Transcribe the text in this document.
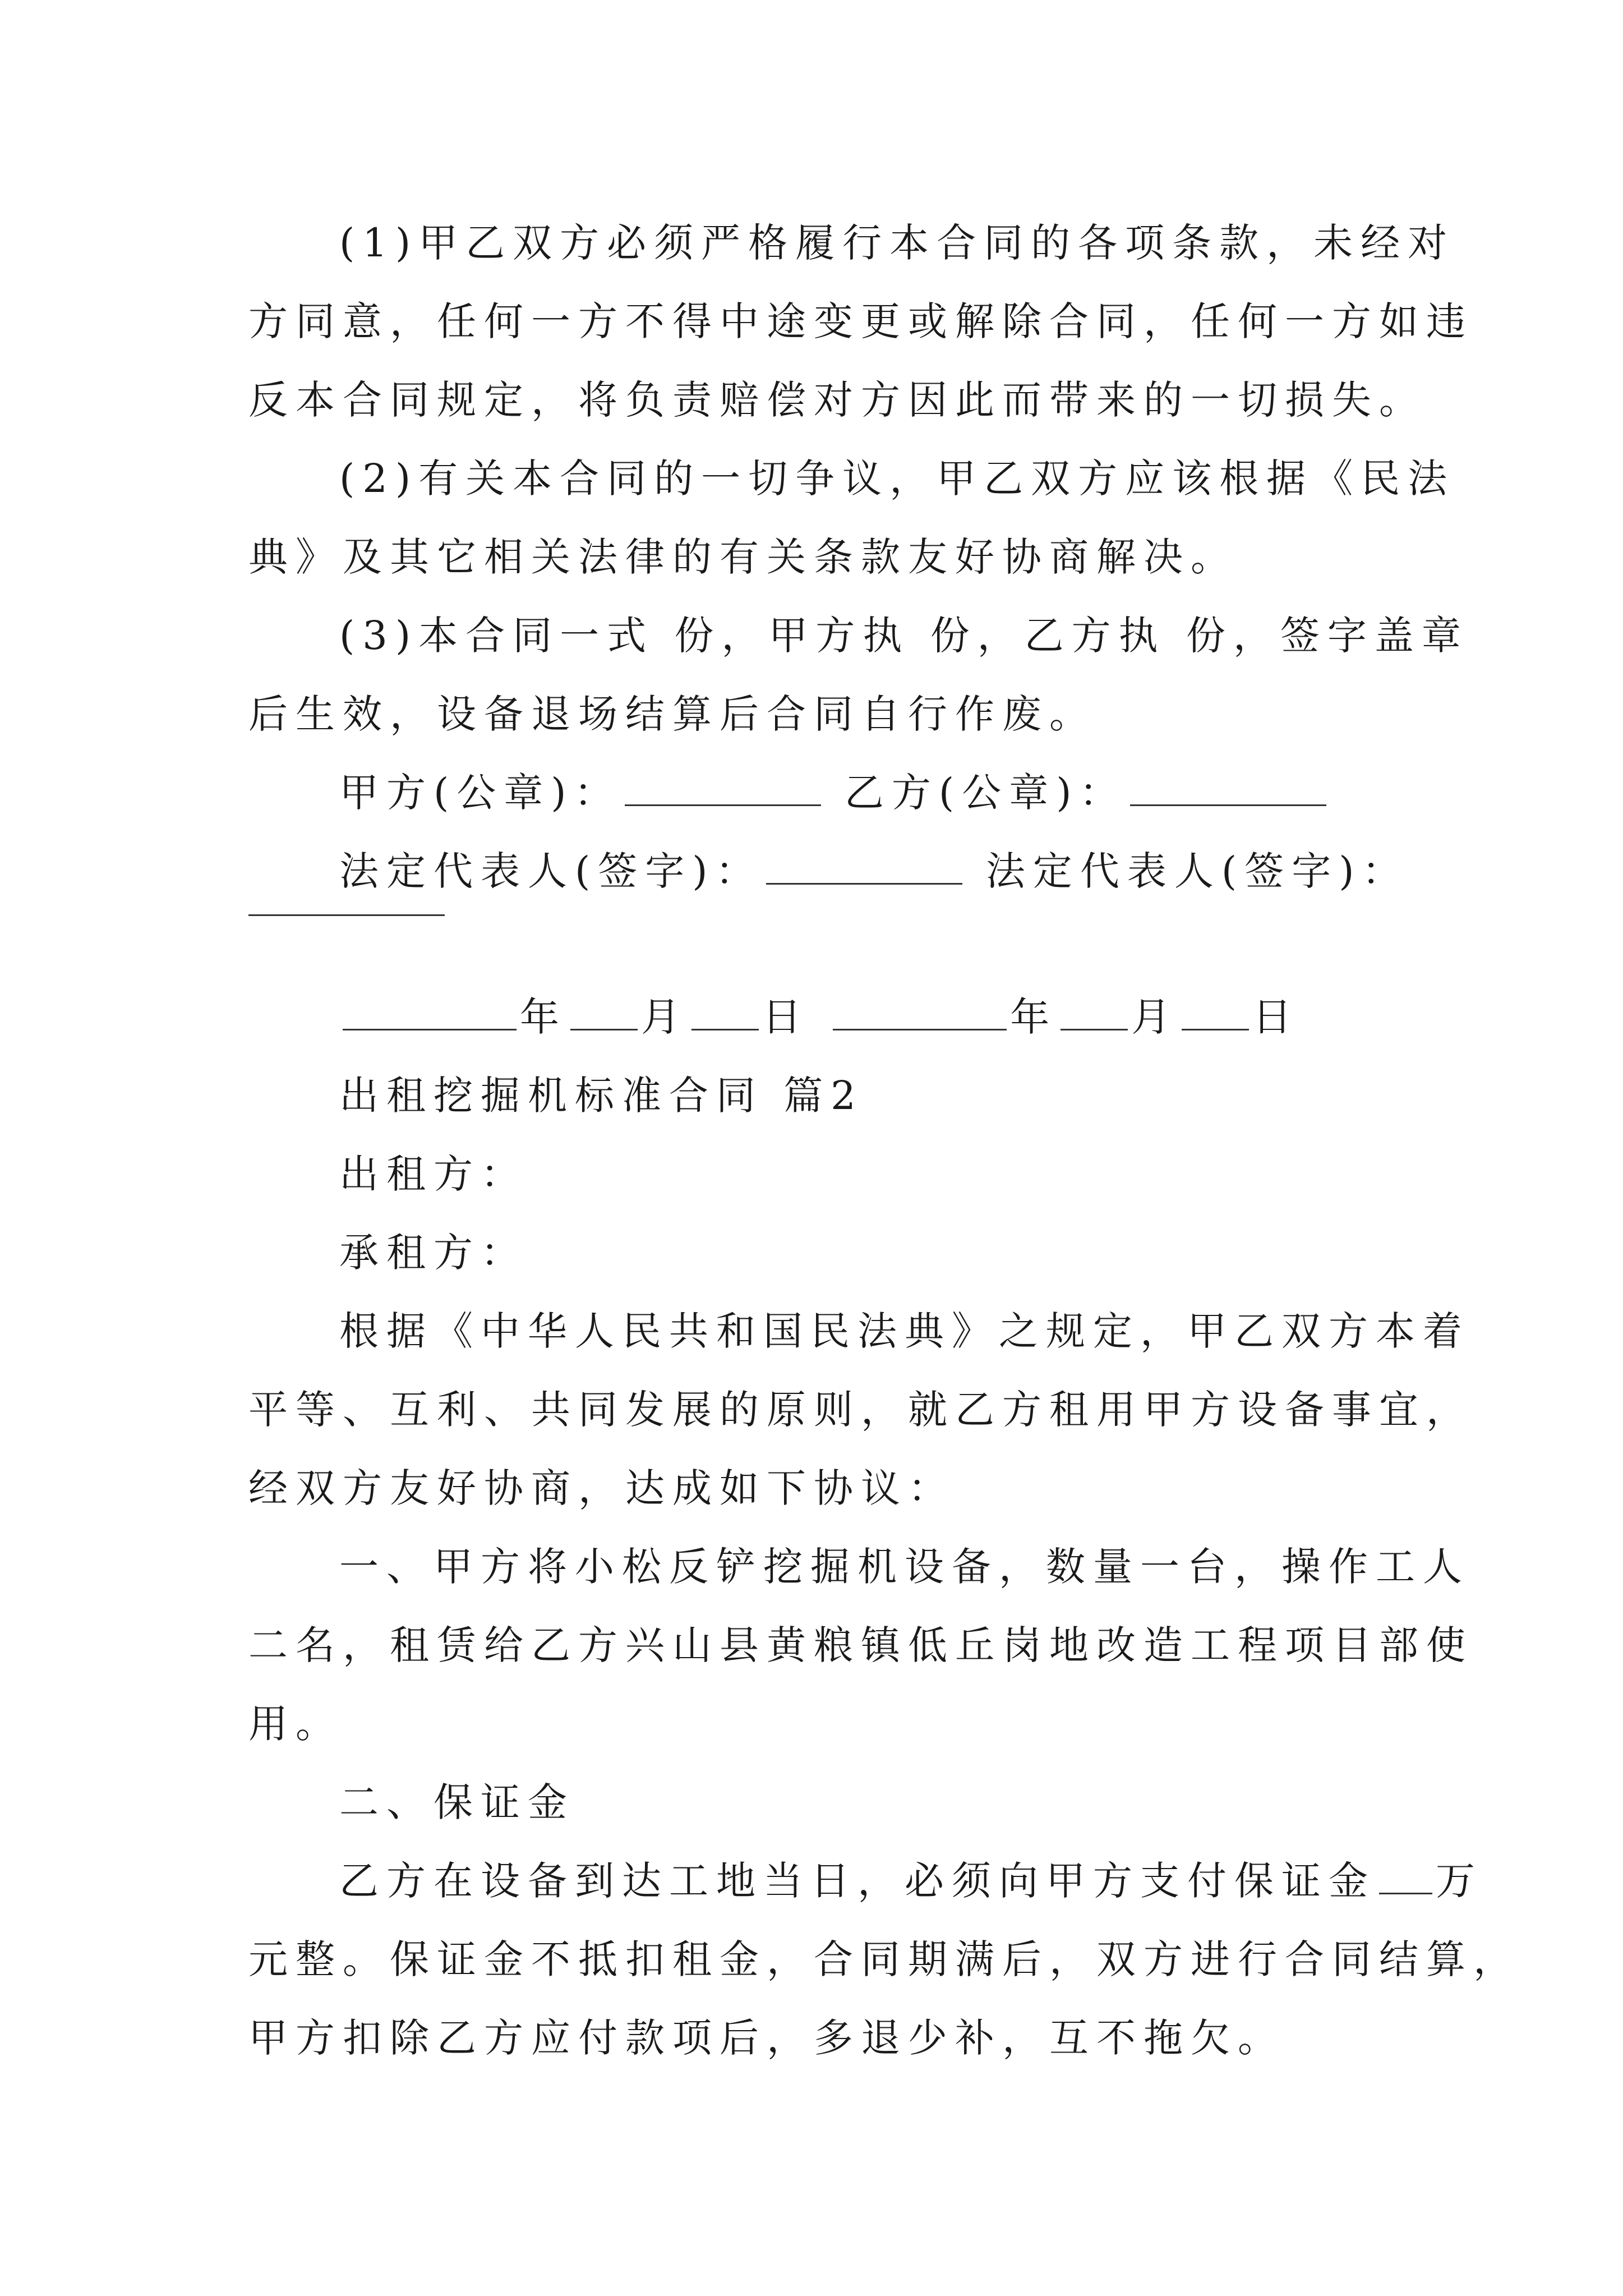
(1)甲乙双方必须严格履行本合同的各项条款，未经对
方同意，任何一方不得中途变更或解除合同，任何一方如违
反本合同规定，将负责赔偿对方因此而带来的一切损失。
(2)有关本合同的一切争议，甲乙双方应该根据《民法
典》及其它相关法律的有关条款友好协商解决。
(3)本合同一式 份，甲方执 份，乙方执 份，签字盖章
后生效，设备退场结算后合同自行作废。
甲方(公章)：	乙方(公章)：
法定代表人(签字)：	法定代表人(签字)：
年 月 日	年 月 日
出租挖掘机标准合同 篇2
出租方：
承租方：
根据《中华人民共和国民法典》之规定，甲乙双方本着
平等、互利、共同发展的原则，就乙方租用甲方设备事宜，
经双方友好协商，达成如下协议：
一、甲方将小松反铲挖掘机设备，数量一台，操作工人
二名，租赁给乙方兴山县黄粮镇低丘岗地改造工程项目部使
用。
二、保证金
乙方在设备到达工地当日，必须向甲方支付保证金 万
元整。保证金不抵扣租金，合同期满后，双方进行合同结算，
甲方扣除乙方应付款项后，多退少补，互不拖欠。
